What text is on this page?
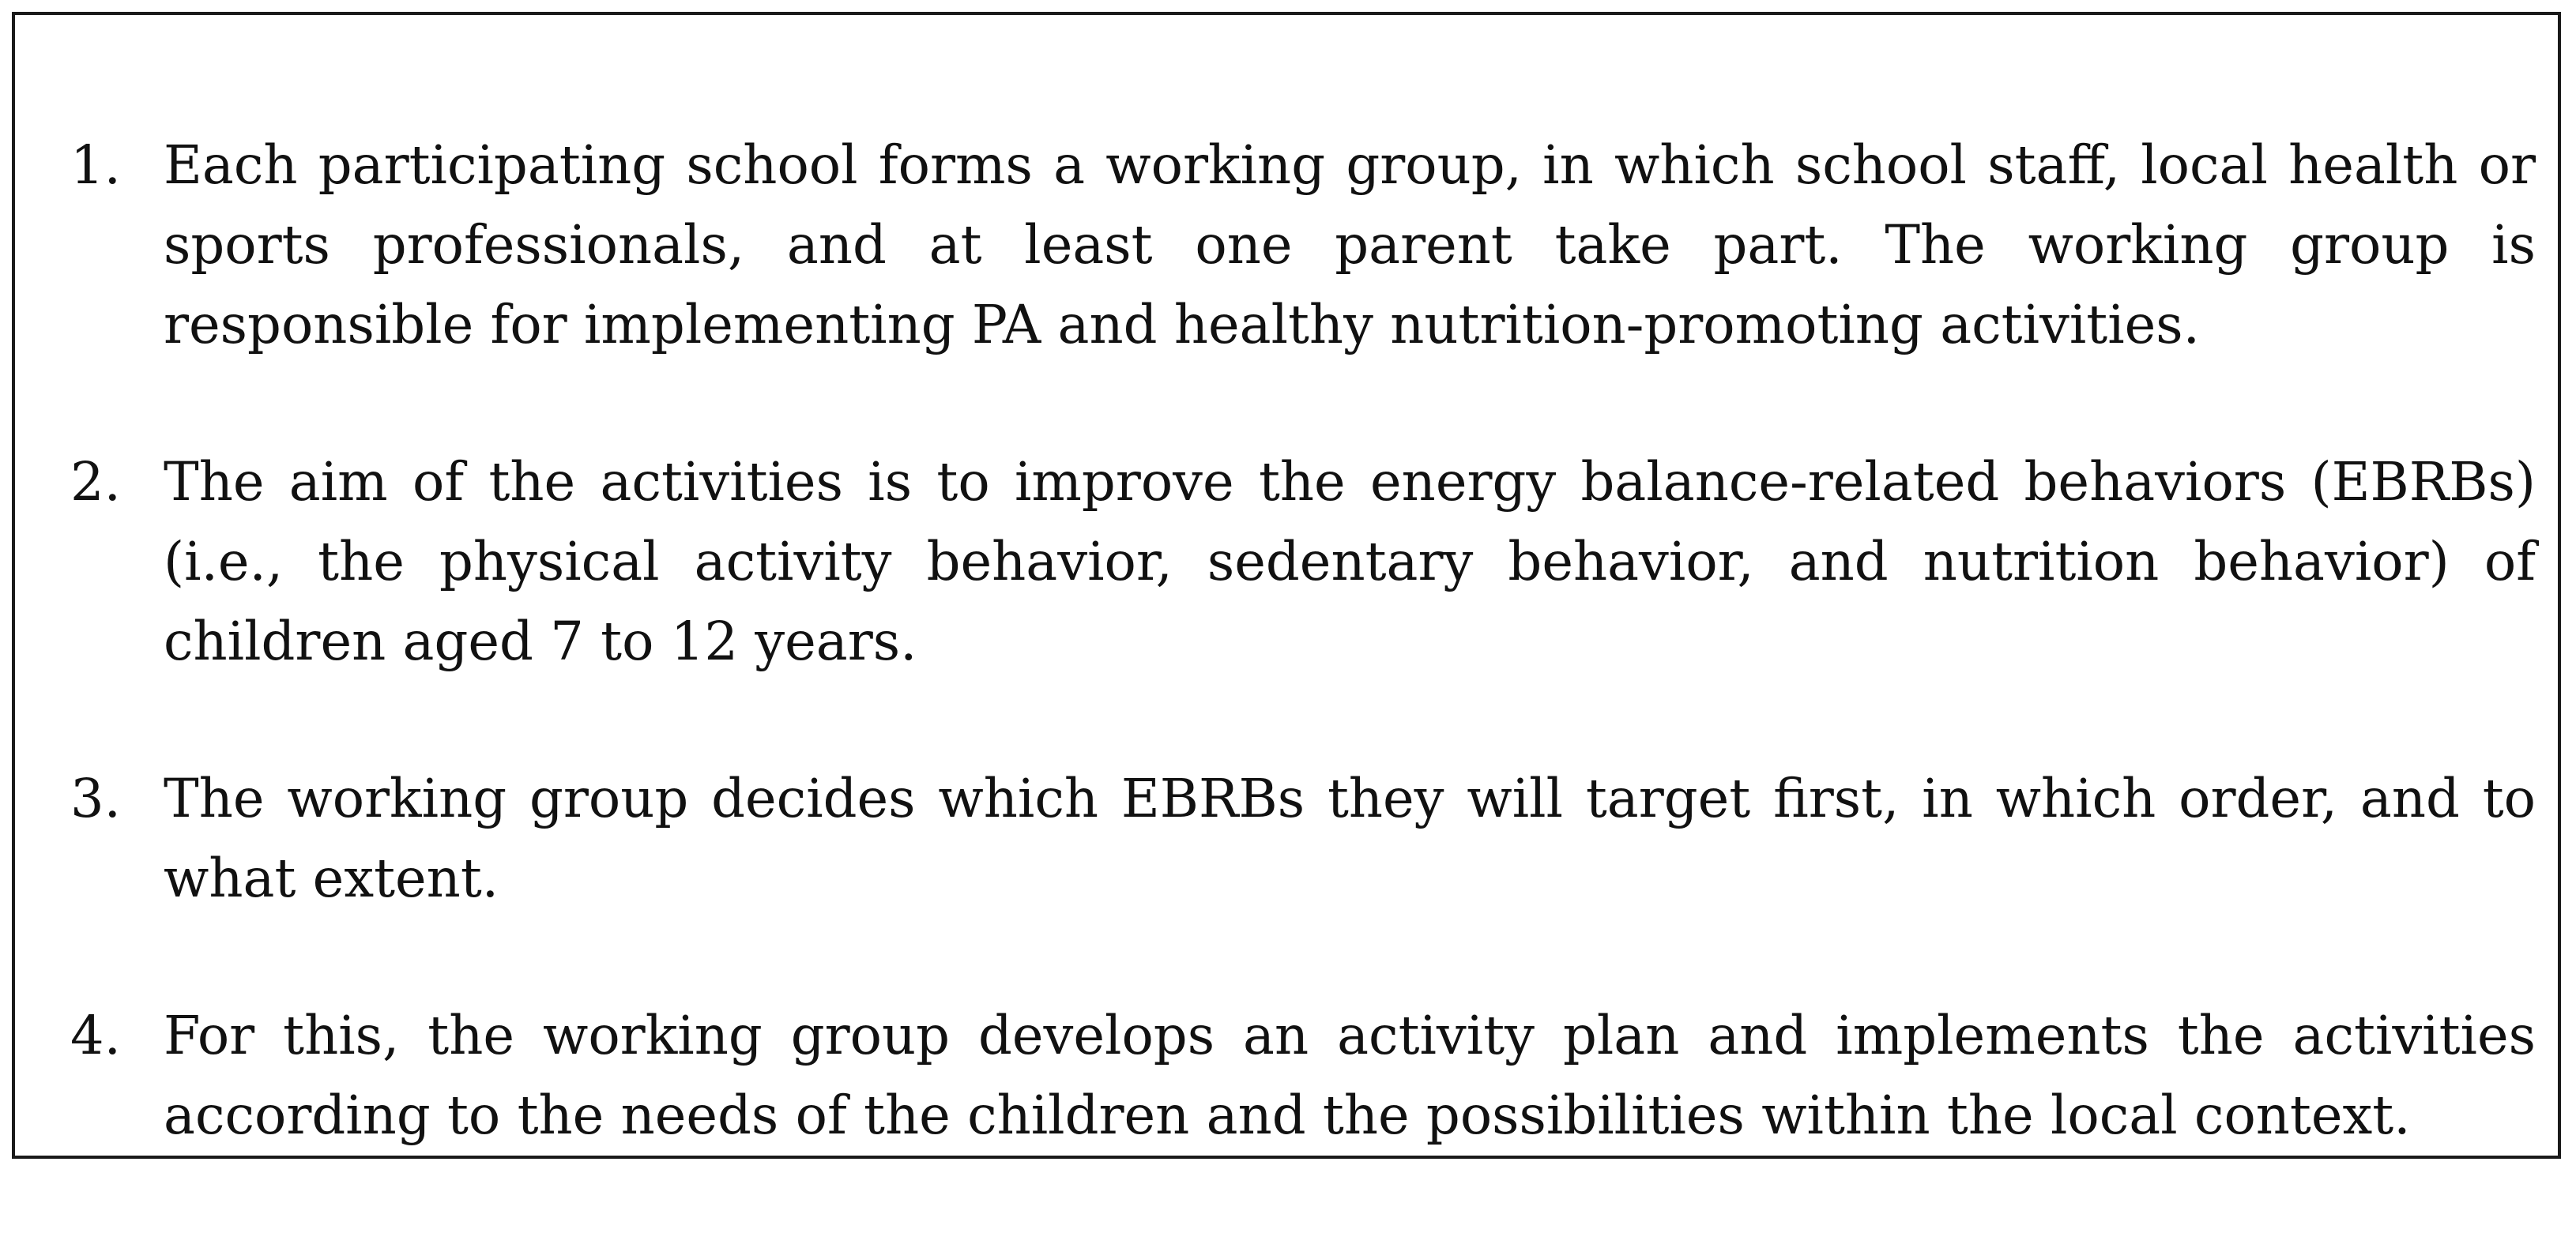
1. Each participating school forms a working group, in which school staff, local health or sports professionals, and at least one parent take part. The working group is responsible for implementing PA and healthy nutrition-promoting activities.
2. The aim of the activities is to improve the energy balance-related behaviors (EBRBs) (i.e., the physical activity behavior, sedentary behavior, and nutrition behavior) of children aged 7 to 12 years.
3. The working group decides which EBRBs they will target first, in which order, and to what extent.
4. For this, the working group develops an activity plan and implements the activities according to the needs of the children and the possibilities within the local context.
